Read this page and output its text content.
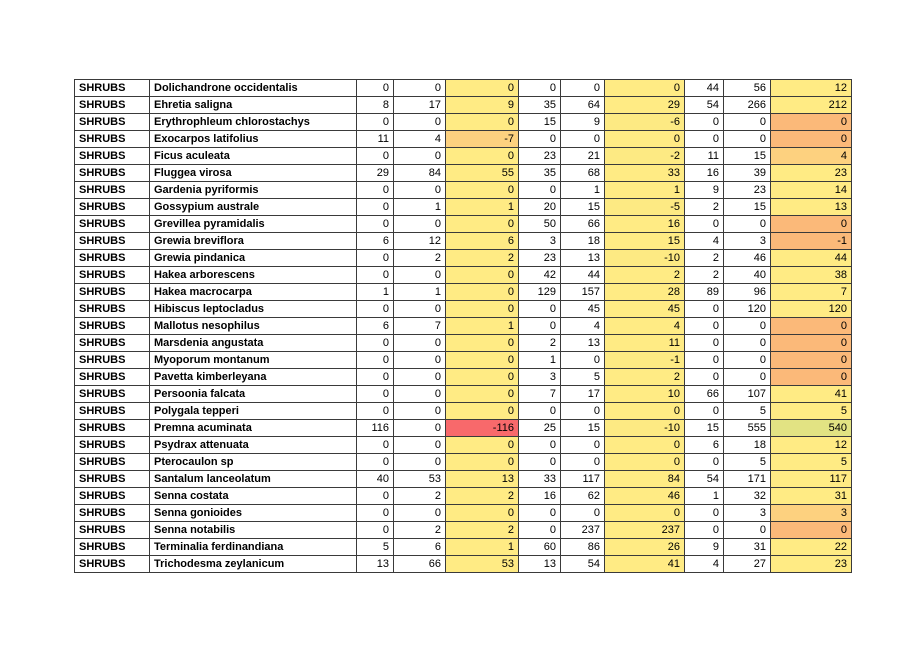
SHRUBS	Dolichandrone occidentalis	0	0	0	0	0	0	44	56	12
SHRUBS	Ehretia saligna	8	17	9	35	64	29	54	266	212
SHRUBS	Erythrophleum chlorostachys	0	0	0	15	9	-6	0	0	0
SHRUBS	Exocarpos latifolius	11	4	-7	0	0	0	0	0	0
SHRUBS	Ficus aculeata	0	0	0	23	21	-2	11	15	4
SHRUBS	Fluggea virosa	29	84	55	35	68	33	16	39	23
SHRUBS	Gardenia pyriformis	0	0	0	0	1	1	9	23	14
SHRUBS	Gossypium australe	0	1	1	20	15	-5	2	15	13
SHRUBS	Grevillea pyramidalis	0	0	0	50	66	16	0	0	0
SHRUBS	Grewia breviflora	6	12	6	3	18	15	4	3	-1
SHRUBS	Grewia pindanica	0	2	2	23	13	-10	2	46	44
SHRUBS	Hakea arborescens	0	0	0	42	44	2	2	40	38
SHRUBS	Hakea macrocarpa	1	1	0	129	157	28	89	96	7
SHRUBS	Hibiscus leptocladus	0	0	0	0	45	45	0	120	120
SHRUBS	Mallotus nesophilus	6	7	1	0	4	4	0	0	0
SHRUBS	Marsdenia angustata	0	0	0	2	13	11	0	0	0
SHRUBS	Myoporum montanum	0	0	0	1	0	-1	0	0	0
SHRUBS	Pavetta kimberleyana	0	0	0	3	5	2	0	0	0
SHRUBS	Persoonia falcata	0	0	0	7	17	10	66	107	41
SHRUBS	Polygala tepperi	0	0	0	0	0	0	0	5	5
SHRUBS	Premna acuminata	116	0	-116	25	15	-10	15	555	540
SHRUBS	Psydrax attenuata	0	0	0	0	0	0	6	18	12
SHRUBS	Pterocaulon sp	0	0	0	0	0	0	0	5	5
SHRUBS	Santalum lanceolatum	40	53	13	33	117	84	54	171	117
SHRUBS	Senna costata	0	2	2	16	62	46	1	32	31
SHRUBS	Senna gonioides	0	0	0	0	0	0	0	3	3
SHRUBS	Senna notabilis	0	2	2	0	237	237	0	0	0
SHRUBS	Terminalia ferdinandiana	5	6	1	60	86	26	9	31	22
SHRUBS	Trichodesma zeylanicum	13	66	53	13	54	41	4	27	23
